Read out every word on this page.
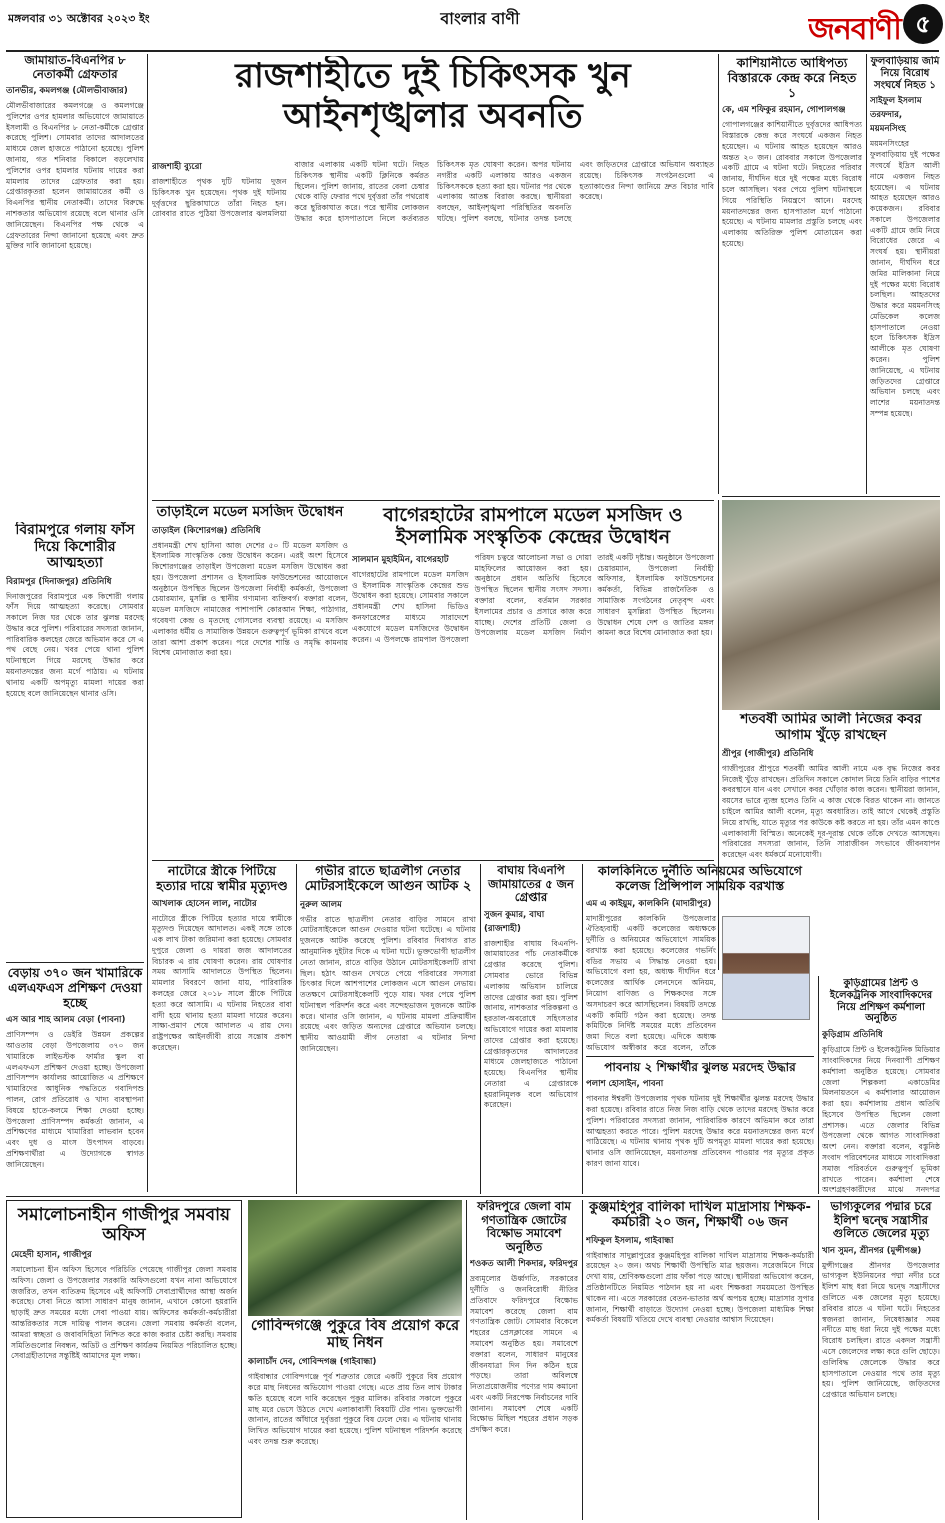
মঙ্গলবার ৩১ অক্টোবর ২০২৩ ইং	বাংলার বাণী	জনবাণী ৫
জামায়াত-বিএনপির ৮ নেতাকর্মী গ্রেফতার
তানভীর, কমলগঞ্জ (মৌলভীবাজার)
মৌলভীবাজারের কমলগঞ্জে ও কমলগঞ্জে পুলিশের ওপর হামলার অভিযোগে জামায়াতে ইসলামী ও বিএনপির ৮ নেতা-কর্মীকে গ্রেপ্তার করেছে পুলিশ। সোমবার তাদের আদালতের মাধ্যমে জেল হাজতে পাঠানো হয়েছে। পুলিশ জানায়, গত শনিবার বিকালে বড়লেখায় পুলিশের ওপর হামলার ঘটনায় দায়ের করা মামলায় তাদের গ্রেফতার করা হয়। গ্রেপ্তারকৃতরা হলেন জামায়াতের কর্মী ও বিএনপির স্থানীয় নেতাকর্মী। তাদের বিরুদ্ধে নাশকতার অভিযোগ রয়েছে বলে থানার ওসি জানিয়েছেন। বিএনপির পক্ষ থেকে এ গ্রেফতারের নিন্দা জানানো হয়েছে এবং দ্রুত মুক্তির দাবি জানানো হয়েছে।
বিরামপুরে গলায় ফাঁস দিয়ে কিশোরীর আত্মহত্যা
বিরামপুর (দিনাজপুর) প্রতিনিধি
দিনাজপুরের বিরামপুরে এক কিশোরী গলায় ফাঁস দিয়ে আত্মহত্যা করেছে। সোমবার সকালে নিজ ঘর থেকে তার ঝুলন্ত মরদেহ উদ্ধার করে পুলিশ। পরিবারের সদস্যরা জানান, পারিবারিক কলহের জেরে অভিমান করে সে এ পথ বেছে নেয়। খবর পেয়ে থানা পুলিশ ঘটনাস্থলে গিয়ে মরদেহ উদ্ধার করে ময়নাতদন্তের জন্য মর্গে পাঠায়। এ ঘটনায় থানায় একটি অপমৃত্যু মামলা দায়ের করা হয়েছে বলে জানিয়েছেন থানার ওসি।
বেড়ায় ৩৭০ জন খামারিকে এলএফএস প্রশিক্ষণ দেওয়া হচ্ছে
এস আর শাহ আলম বেড়া (পাবনা)
প্রাণিসম্পদ ও ডেইরি উন্নয়ন প্রকল্পের আওতায় বেড়া উপজেলায় ৩৭০ জন খামারিকে লাইভস্টক ফার্মার স্কুল বা এলএফএস প্রশিক্ষণ দেওয়া হচ্ছে। উপজেলা প্রাণিসম্পদ কার্যালয় আয়োজিত এ প্রশিক্ষণে খামারিদের আধুনিক পদ্ধতিতে গবাদিপশু পালন, রোগ প্রতিরোধ ও খাদ্য ব্যবস্থাপনা বিষয়ে হাতে-কলমে শিক্ষা দেওয়া হচ্ছে। উপজেলা প্রাণিসম্পদ কর্মকর্তা জানান, এ প্রশিক্ষণের মাধ্যমে খামারিরা লাভবান হবেন এবং দুধ ও মাংস উৎপাদন বাড়বে। প্রশিক্ষণার্থীরা এ উদ্যোগকে স্বাগত জানিয়েছেন।
রাজশাহীতে দুই চিকিৎসক খুন আইনশৃঙ্খলার অবনতি
রাজশাহী ব্যুরো
রাজশাহীতে পৃথক দুটি ঘটনায় দুজন চিকিৎসক খুন হয়েছেন। পৃথক দুই ঘটনায় দুর্বৃত্তদের ছুরিকাঘাতে তাঁরা নিহত হন। রোববার রাতে পুঠিয়া উপজেলার ঝলমলিয়া বাজার এলাকায় একটি ঘটনা ঘটে। নিহত চিকিৎসক স্থানীয় একটি ক্লিনিকে কর্মরত ছিলেন। পুলিশ জানায়, রাতের বেলা চেম্বার থেকে বাড়ি ফেরার পথে দুর্বৃত্তরা তাঁর পথরোধ করে ছুরিকাঘাত করে। পরে স্থানীয় লোকজন উদ্ধার করে হাসপাতালে নিলে কর্তব্যরত চিকিৎসক মৃত ঘোষণা করেন। অপর ঘটনায় নগরীর একটি এলাকায় আরও একজন চিকিৎসককে হত্যা করা হয়। ঘটনার পর থেকে এলাকায় আতঙ্ক বিরাজ করছে। স্থানীয়রা বলছেন, আইনশৃঙ্খলা পরিস্থিতির অবনতি ঘটছে। পুলিশ বলছে, ঘটনার তদন্ত চলছে এবং জড়িতদের গ্রেপ্তারে অভিযান অব্যাহত রয়েছে। চিকিৎসক সংগঠনগুলো এ হত্যাকাণ্ডের নিন্দা জানিয়ে দ্রুত বিচার দাবি করেছে।
কাশিয়ানীতে আধিপত্য বিস্তারকে কেন্দ্র করে নিহত ১
কে, এম শফিকুর রহমান, গোপালগঞ্জ
গোপালগঞ্জের কাশিয়ানীতে দুর্বৃত্তদের আধিপত্য বিস্তারকে কেন্দ্র করে সংঘর্ষে একজন নিহত হয়েছেন। এ ঘটনায় আহত হয়েছেন আরও অন্তত ২০ জন। রোববার সকালে উপজেলার একটি গ্রামে এ ঘটনা ঘটে। নিহতের পরিবার জানায়, দীর্ঘদিন ধরে দুই পক্ষের মধ্যে বিরোধ চলে আসছিল। খবর পেয়ে পুলিশ ঘটনাস্থলে গিয়ে পরিস্থিতি নিয়ন্ত্রণে আনে। মরদেহ ময়নাতদন্তের জন্য হাসপাতাল মর্গে পাঠানো হয়েছে। এ ঘটনায় মামলার প্রস্তুতি চলছে এবং এলাকায় অতিরিক্ত পুলিশ মোতায়েন করা হয়েছে।
ফুলবাড়িয়ায় জমি নিয়ে বিরোধ সংঘর্ষে নিহত ১
সাইফুল ইসলাম তরফদার, ময়মনসিংহ
ময়মনসিংহের ফুলবাড়িয়ায় দুই পক্ষের সংঘর্ষে ইদ্রিস আলী নামে একজন নিহত হয়েছেন। এ ঘটনায় আহত হয়েছেন আরও কয়েকজন। রবিবার সকালে উপজেলার একটি গ্রামে জমি নিয়ে বিরোধের জেরে এ সংঘর্ষ হয়। স্থানীয়রা জানান, দীর্ঘদিন ধরে জমির মালিকানা নিয়ে দুই পক্ষের মধ্যে বিরোধ চলছিল। আহতদের উদ্ধার করে ময়মনসিংহ মেডিকেল কলেজ হাসপাতালে নেওয়া হলে চিকিৎসক ইদ্রিস আলীকে মৃত ঘোষণা করেন। পুলিশ জানিয়েছে, এ ঘটনায় জড়িতদের গ্রেপ্তারে অভিযান চলছে এবং লাশের ময়নাতদন্ত সম্পন্ন হয়েছে।
তাড়াইলে মডেল মসজিদ উদ্বোধন
তাড়াইল (কিশোরগঞ্জ) প্রতিনিধি
প্রধানমন্ত্রী শেখ হাসিনা আজ দেশের ৫০ টি মডেল মসজিদ ও ইসলামিক সাংস্কৃতিক কেন্দ্র উদ্বোধন করেন। এরই অংশ হিসেবে কিশোরগঞ্জের তাড়াইল উপজেলা মডেল মসজিদ উদ্বোধন করা হয়। উপজেলা প্রশাসন ও ইসলামিক ফাউন্ডেশনের আয়োজনে অনুষ্ঠানে উপস্থিত ছিলেন উপজেলা নির্বাহী কর্মকর্তা, উপজেলা চেয়ারম্যান, মুসল্লি ও স্থানীয় গণ্যমান্য ব্যক্তিবর্গ। বক্তারা বলেন, মডেল মসজিদে নামাজের পাশাপাশি কোরআন শিক্ষা, পাঠাগার, গবেষণা কেন্দ্র ও মৃতদেহ গোসলের ব্যবস্থা রয়েছে। এ মসজিদ এলাকার ধর্মীয় ও সামাজিক উন্নয়নে গুরুত্বপূর্ণ ভূমিকা রাখবে বলে তারা আশা প্রকাশ করেন। পরে দেশের শান্তি ও সমৃদ্ধি কামনায় বিশেষ মোনাজাত করা হয়।
বাগেরহাটের রামপালে মডেল মসজিদ ও ইসলামিক সংস্কৃতিক কেন্দ্রের উদ্বোধন
সালমান মুহাইমিন, বাগেরহাট
বাগেরহাটের রামপালে মডেল মসজিদ ও ইসলামিক সাংস্কৃতিক কেন্দ্রের শুভ উদ্বোধন করা হয়েছে। সোমবার সকালে প্রধানমন্ত্রী শেখ হাসিনা ভিডিও কনফারেন্সের মাধ্যমে সারাদেশে একযোগে মডেল মসজিদের উদ্বোধন করেন। এ উপলক্ষে রামপাল উপজেলা পরিষদ চত্বরে আলোচনা সভা ও দোয়া মাহফিলের আয়োজন করা হয়। অনুষ্ঠানে প্রধান অতিথি হিসেবে উপস্থিত ছিলেন স্থানীয় সংসদ সদস্য। বক্তারা বলেন, বর্তমান সরকার ইসলামের প্রচার ও প্রসারে কাজ করে যাচ্ছে। দেশের প্রতিটি জেলা ও উপজেলায় মডেল মসজিদ নির্মাণ তারই একটি দৃষ্টান্ত। অনুষ্ঠানে উপজেলা চেয়ারম্যান, উপজেলা নির্বাহী অফিসার, ইসলামিক ফাউন্ডেশনের কর্মকর্তা, বিভিন্ন রাজনৈতিক ও সামাজিক সংগঠনের নেতৃবৃন্দ এবং সাধারণ মুসল্লিরা উপস্থিত ছিলেন। উদ্বোধন শেষে দেশ ও জাতির মঙ্গল কামনা করে বিশেষ মোনাজাত করা হয়।
শতবর্ষী আমির আলী নিজের কবর আগাম খুঁড়ে রাখছেন
শ্রীপুর (গাজীপুর) প্রতিনিধি
গাজীপুরের শ্রীপুরে শতবর্ষী আমির আলী নামে এক বৃদ্ধ নিজের কবর নিজেই খুঁড়ে রাখছেন। প্রতিদিন সকালে কোদাল নিয়ে তিনি বাড়ির পাশের কবরস্থানে যান এবং সেখানে কবর খোঁড়ার কাজ করেন। স্থানীয়রা জানান, বয়সের ভারে ন্যুব্জ হলেও তিনি এ কাজ থেকে বিরত থাকেন না। জানতে চাইলে আমির আলী বলেন, মৃত্যু অবধারিত। তাই আগে থেকেই প্রস্তুতি নিয়ে রাখছি, যাতে মৃত্যুর পর কাউকে কষ্ট করতে না হয়। তাঁর এমন কাণ্ডে এলাকাবাসী বিস্মিত। অনেকেই দূর-দূরান্ত থেকে তাঁকে দেখতে আসছেন। পরিবারের সদস্যরা জানান, তিনি সারাজীবন সৎভাবে জীবনযাপন করেছেন এবং ধর্মকর্মে মনোযোগী।
নাটোরে স্ত্রীকে পিটিয়ে হত্যার দায়ে স্বামীর মৃত্যুদণ্ড
আখলাক হোসেন লাল, নাটোর
নাটোরে স্ত্রীকে পিটিয়ে হত্যার দায়ে স্বামীকে মৃত্যুদণ্ড দিয়েছেন আদালত। একই সঙ্গে তাকে এক লাখ টাকা জরিমানা করা হয়েছে। সোমবার দুপুরে জেলা ও দায়রা জজ আদালতের বিচারক এ রায় ঘোষণা করেন। রায় ঘোষণার সময় আসামি আদালতে উপস্থিত ছিলেন। মামলার বিবরণে জানা যায়, পারিবারিক কলহের জেরে ২০১৮ সালে স্ত্রীকে পিটিয়ে হত্যা করে আসামি। এ ঘটনায় নিহতের বাবা বাদী হয়ে থানায় হত্যা মামলা দায়ের করেন। সাক্ষ্য-প্রমাণ শেষে আদালত এ রায় দেন। রাষ্ট্রপক্ষের আইনজীবী রায়ে সন্তোষ প্রকাশ করেছেন।
গভীর রাতে ছাত্রলীগ নেতার মোটরসাইকেলে আগুন আটক ২
নুরুল আলম
গভীর রাতে ছাত্রলীগ নেতার বাড়ির সামনে রাখা মোটরসাইকেলে আগুন দেওয়ার ঘটনা ঘটেছে। এ ঘটনায় দুজনকে আটক করেছে পুলিশ। রবিবার দিবাগত রাত আনুমানিক দুইটার দিকে এ ঘটনা ঘটে। ভুক্তভোগী ছাত্রলীগ নেতা জানান, রাতে বাড়ির উঠানে মোটরসাইকেলটি রাখা ছিল। হঠাৎ আগুন দেখতে পেয়ে পরিবারের সদস্যরা চিৎকার দিলে আশপাশের লোকজন এসে আগুন নেভায়। ততক্ষণে মোটরসাইকেলটি পুড়ে যায়। খবর পেয়ে পুলিশ ঘটনাস্থল পরিদর্শন করে এবং সন্দেহভাজন দুজনকে আটক করে। থানার ওসি জানান, এ ঘটনায় মামলা প্রক্রিয়াধীন রয়েছে এবং জড়িত অন্যদের গ্রেপ্তারে অভিযান চলছে। স্থানীয় আওয়ামী লীগ নেতারা এ ঘটনার নিন্দা জানিয়েছেন।
বাঘায় বিএনপি জামায়াতের ৫ জন গ্রেপ্তার
সুজন কুমার, বাঘা (রাজশাহী)
রাজশাহীর বাঘায় বিএনপি-জামায়াতের পাঁচ নেতাকর্মীকে গ্রেপ্তার করেছে পুলিশ। সোমবার ভোরে বিভিন্ন এলাকায় অভিযান চালিয়ে তাদের গ্রেপ্তার করা হয়। পুলিশ জানায়, নাশকতার পরিকল্পনা ও হরতাল-অবরোধে সহিংসতার অভিযোগে দায়ের করা মামলায় তাদের গ্রেপ্তার করা হয়েছে। গ্রেপ্তারকৃতদের আদালতের মাধ্যমে জেলহাজতে পাঠানো হয়েছে। বিএনপির স্থানীয় নেতারা এ গ্রেপ্তারকে হয়রানিমূলক বলে অভিযোগ করেছেন।
কালকিনিতে দুর্নীতি অনিয়মের অভিযোগে কলেজ প্রিন্সিপাল সাময়িক বরখাস্ত
এম এ কাইয়ুম, কালকিনি (মাদারীপুর)
মাদারীপুরের কালকিনি উপজেলার ঐতিহ্যবাহী একটি কলেজের অধ্যক্ষকে দুর্নীতি ও অনিয়মের অভিযোগে সাময়িক বরখাস্ত করা হয়েছে। কলেজের গভর্নিং বডির সভায় এ সিদ্ধান্ত নেওয়া হয়। অভিযোগে বলা হয়, অধ্যক্ষ দীর্ঘদিন ধরে কলেজের আর্থিক লেনদেনে অনিয়ম, নিয়োগ বাণিজ্য ও শিক্ষকদের সঙ্গে অসদাচরণ করে আসছিলেন। বিষয়টি তদন্তে একটি কমিটি গঠন করা হয়েছে। তদন্ত কমিটিকে নির্দিষ্ট সময়ের মধ্যে প্রতিবেদন জমা দিতে বলা হয়েছে। এদিকে অধ্যক্ষ অভিযোগ অস্বীকার করে বলেন, তাঁকে
কুড়িগ্রামের প্রিন্ট ও ইলেকট্রনিক সাংবাদিকদের নিয়ে প্রশিক্ষণ কর্মশালা অনুষ্ঠিত
কুড়িগ্রাম প্রতিনিধি
কুড়িগ্রামে প্রিন্ট ও ইলেকট্রনিক মিডিয়ার সাংবাদিকদের নিয়ে দিনব্যাপী প্রশিক্ষণ কর্মশালা অনুষ্ঠিত হয়েছে। সোমবার জেলা শিল্পকলা একাডেমির মিলনায়তনে এ কর্মশালার আয়োজন করা হয়। কর্মশালায় প্রধান অতিথি হিসেবে উপস্থিত ছিলেন জেলা প্রশাসক। এতে জেলার বিভিন্ন উপজেলা থেকে আগত সাংবাদিকরা অংশ নেন। বক্তারা বলেন, বস্তুনিষ্ঠ সংবাদ পরিবেশনের মাধ্যমে সাংবাদিকরা সমাজ পরিবর্তনে গুরুত্বপূর্ণ ভূমিকা রাখতে পারেন। কর্মশালা শেষে অংশগ্রহণকারীদের মাঝে সনদপত্র
পাবনায় ২ শিক্ষার্থীর ঝুলন্ত মরদেহ উদ্ধার
পলাশ হোসাইন, পাবনা
পাবনার ঈশ্বরদী উপজেলায় পৃথক ঘটনায় দুই শিক্ষার্থীর ঝুলন্ত মরদেহ উদ্ধার করা হয়েছে। রবিবার রাতে নিজ নিজ বাড়ি থেকে তাদের মরদেহ উদ্ধার করে পুলিশ। পরিবারের সদস্যরা জানান, পারিবারিক কারণে অভিমান করে তারা আত্মহত্যা করতে পারে। পুলিশ মরদেহ উদ্ধার করে ময়নাতদন্তের জন্য মর্গে পাঠিয়েছে। এ ঘটনায় থানায় পৃথক দুটি অপমৃত্যু মামলা দায়ের করা হয়েছে। থানার ওসি জানিয়েছেন, ময়নাতদন্ত প্রতিবেদন পাওয়ার পর মৃত্যুর প্রকৃত কারণ জানা যাবে।
সমালোচনাহীন গাজীপুর সমবায় অফিস
মেহেদী হাসান, গাজীপুর
সমালোচনা হীন অফিস হিসেবে পরিচিতি পেয়েছে গাজীপুর জেলা সমবায় অফিস। জেলা ও উপজেলার সরকারি অফিসগুলো যখন নানা অভিযোগে জর্জরিত, তখন ব্যতিক্রম হিসেবে এই অফিসটি সেবাপ্রার্থীদের আস্থা অর্জন করেছে। সেবা নিতে আসা সাধারণ মানুষ জানান, এখানে কোনো হয়রানি ছাড়াই দ্রুত সময়ের মধ্যে সেবা পাওয়া যায়। অফিসের কর্মকর্তা-কর্মচারীরা আন্তরিকতার সঙ্গে দায়িত্ব পালন করেন। জেলা সমবায় কর্মকর্তা বলেন, আমরা স্বচ্ছতা ও জবাবদিহিতা নিশ্চিত করে কাজ করার চেষ্টা করছি। সমবায় সমিতিগুলোর নিবন্ধন, অডিট ও প্রশিক্ষণ কার্যক্রম নিয়মিত পরিচালিত হচ্ছে। সেবাগ্রহীতাদের সন্তুষ্টিই আমাদের মূল লক্ষ্য।
গোবিন্দগঞ্জে পুকুরে বিষ প্রয়োগ করে মাছ নিধন
কালাচাঁদ দেব, গোবিন্দগঞ্জ (গাইবান্ধা)
গাইবান্ধার গোবিন্দগঞ্জে পূর্ব শত্রুতার জেরে একটি পুকুরে বিষ প্রয়োগ করে মাছ নিধনের অভিযোগ পাওয়া গেছে। এতে প্রায় তিন লাখ টাকার ক্ষতি হয়েছে বলে দাবি করেছেন পুকুর মালিক। রবিবার সকালে পুকুরে মাছ মরে ভেসে উঠতে দেখে এলাকাবাসী বিষয়টি টের পান। ভুক্তভোগী জানান, রাতের আঁধারে দুর্বৃত্তরা পুকুরে বিষ ঢেলে দেয়। এ ঘটনায় থানায় লিখিত অভিযোগ দায়ের করা হয়েছে। পুলিশ ঘটনাস্থল পরিদর্শন করেছে এবং তদন্ত শুরু করেছে।
ফরিদপুরে জেলা বাম গণতান্ত্রিক জোটের বিক্ষোভ সমাবেশ অনুষ্ঠিত
শওকত আলী শিকদার, ফরিদপুর
দ্রব্যমূল্যের ঊর্ধ্বগতি, সরকারের দুর্নীতি ও জনবিরোধী নীতির প্রতিবাদে ফরিদপুরে বিক্ষোভ সমাবেশ করেছে জেলা বাম গণতান্ত্রিক জোট। সোমবার বিকেলে শহরের প্রেসক্লাবের সামনে এ সমাবেশ অনুষ্ঠিত হয়। সমাবেশে বক্তারা বলেন, সাধারণ মানুষের জীবনযাত্রা দিন দিন কঠিন হয়ে পড়ছে। তারা অবিলম্বে নিত্যপ্রয়োজনীয় পণ্যের দাম কমানো এবং একটি নিরপেক্ষ নির্বাচনের দাবি জানান। সমাবেশ শেষে একটি বিক্ষোভ মিছিল শহরের প্রধান সড়ক প্রদক্ষিণ করে।
কুঞ্জমহিপুর বালিকা দাখিল মাদ্রাসায় শিক্ষক-কর্মচারী ২০ জন, শিক্ষার্থী ০৬ জন
শফিকুল ইসলাম, গাইবান্ধা
গাইবান্ধার সাদুল্লাপুরের কুঞ্জমহিপুর বালিকা দাখিল মাদ্রাসায় শিক্ষক-কর্মচারী রয়েছেন ২০ জন। অথচ শিক্ষার্থী উপস্থিতি মাত্র ছয়জন। সরেজমিনে গিয়ে দেখা যায়, শ্রেণিকক্ষগুলো প্রায় ফাঁকা পড়ে আছে। স্থানীয়রা অভিযোগ করেন, প্রতিষ্ঠানটিতে নিয়মিত পাঠদান হয় না এবং শিক্ষকরা সময়মতো উপস্থিত থাকেন না। এতে সরকারের বেতন-ভাতার অর্থ অপচয় হচ্ছে। মাদ্রাসার সুপার জানান, শিক্ষার্থী বাড়াতে উদ্যোগ নেওয়া হচ্ছে। উপজেলা মাধ্যমিক শিক্ষা কর্মকর্তা বিষয়টি খতিয়ে দেখে ব্যবস্থা নেওয়ার আশ্বাস দিয়েছেন।
ভাগ্যকুলের পদ্মার চরে ইলিশ দ্বন্দ্বে সন্ত্রাসীর গুলিতে জেলের মৃত্যু
খান সুমন, শ্রীনগর (মুন্সীগঞ্জ)
মুন্সীগঞ্জের শ্রীনগর উপজেলার ভাগ্যকুল ইউনিয়নের পদ্মা নদীর চরে ইলিশ মাছ ধরা নিয়ে দ্বন্দ্বে সন্ত্রাসীদের গুলিতে এক জেলের মৃত্যু হয়েছে। রবিবার রাতে এ ঘটনা ঘটে। নিহতের স্বজনরা জানান, নিষেধাজ্ঞার সময় নদীতে মাছ ধরা নিয়ে দুই পক্ষের মধ্যে বিরোধ চলছিল। রাতে একদল সন্ত্রাসী এসে জেলেদের লক্ষ্য করে গুলি ছোড়ে। গুলিবিদ্ধ জেলেকে উদ্ধার করে হাসপাতালে নেওয়ার পথে তার মৃত্যু হয়। পুলিশ জানিয়েছে, জড়িতদের গ্রেপ্তারে অভিযান চলছে।
